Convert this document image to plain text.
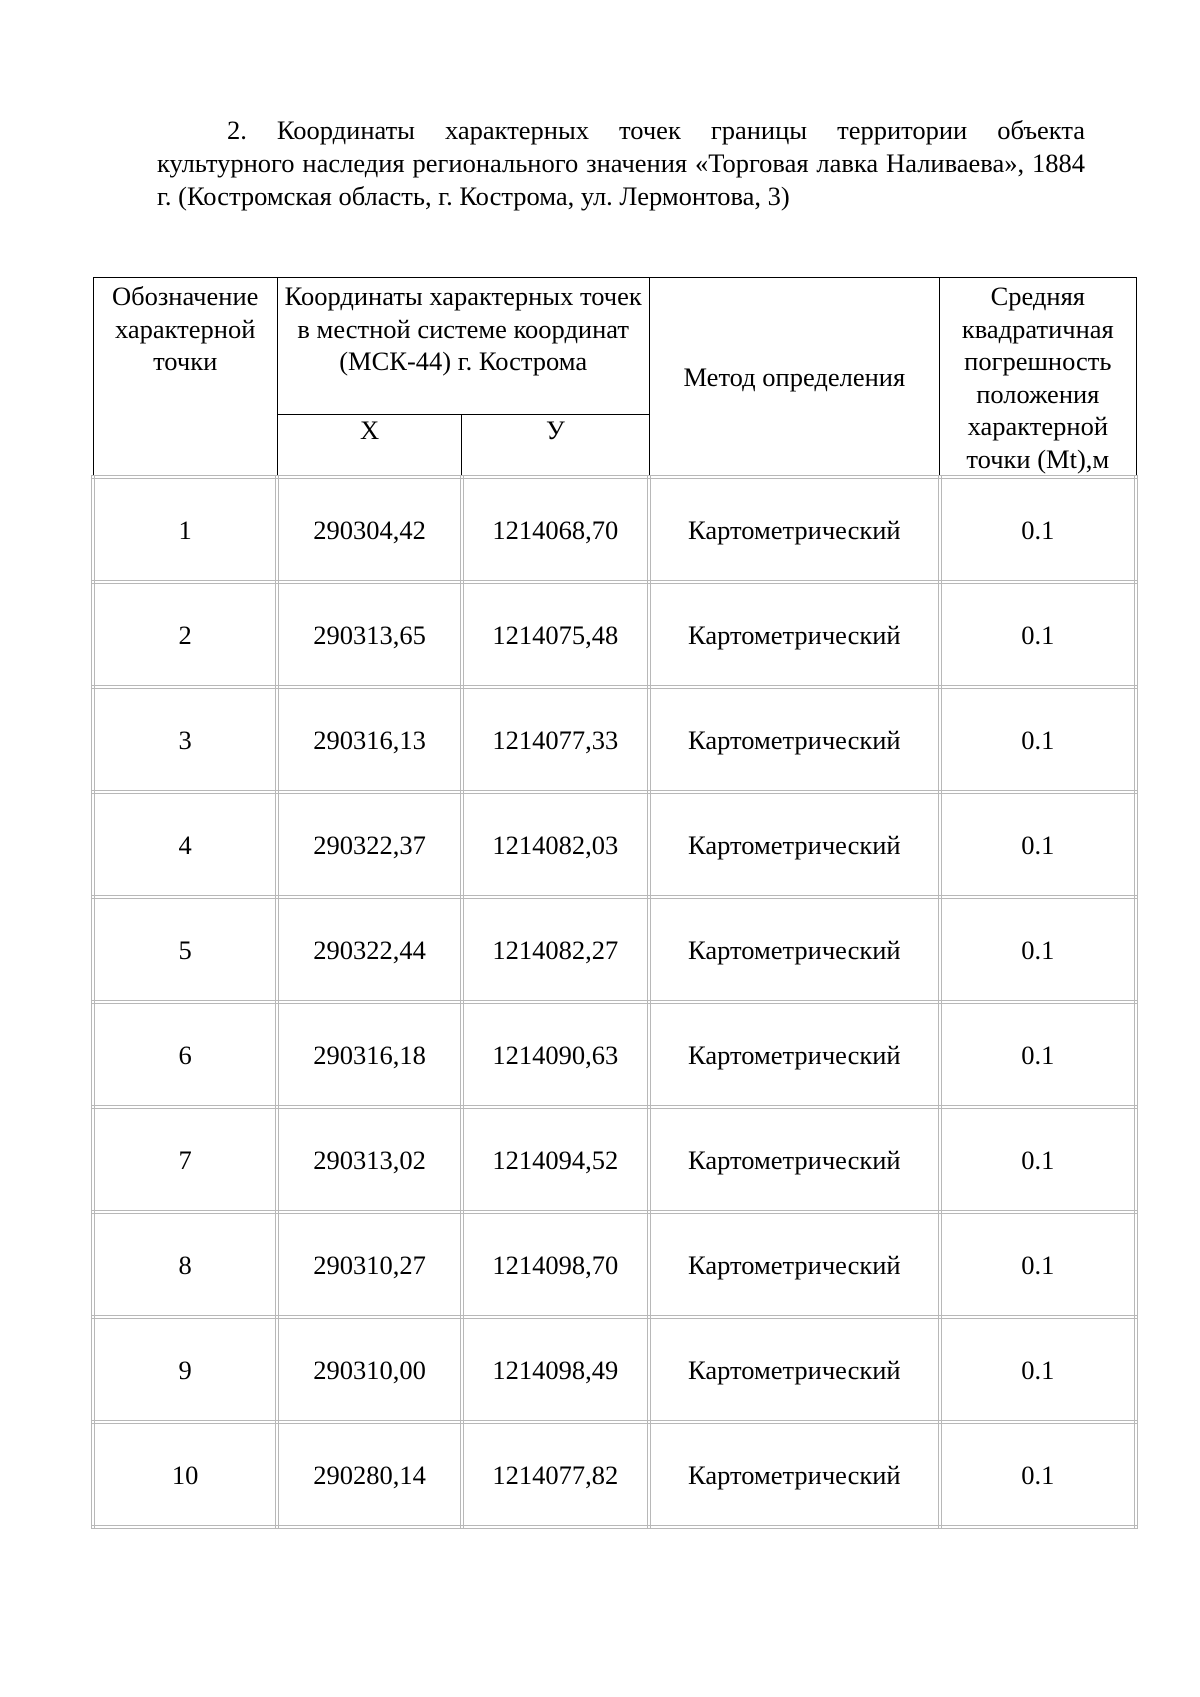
2. Координаты характерных точек границы территории объекта культурного наследия регионального значения «Торговая лавка Наливаева», 1884 г. (Костромская область, г. Кострома, ул. Лермонтова, 3)

Обозначение характерной точки	Координаты характерных точек в местной системе координат (МСК-44) г. Кострома		Метод определения	Средняя квадратичная погрешность положения характерной точки (Mt),м
	Х	У		
1	290304,42	1214068,70	Картометрический	0.1
2	290313,65	1214075,48	Картометрический	0.1
3	290316,13	1214077,33	Картометрический	0.1
4	290322,37	1214082,03	Картометрический	0.1
5	290322,44	1214082,27	Картометрический	0.1
6	290316,18	1214090,63	Картометрический	0.1
7	290313,02	1214094,52	Картометрический	0.1
8	290310,27	1214098,70	Картометрический	0.1
9	290310,00	1214098,49	Картометрический	0.1
10	290280,14	1214077,82	Картометрический	0.1
